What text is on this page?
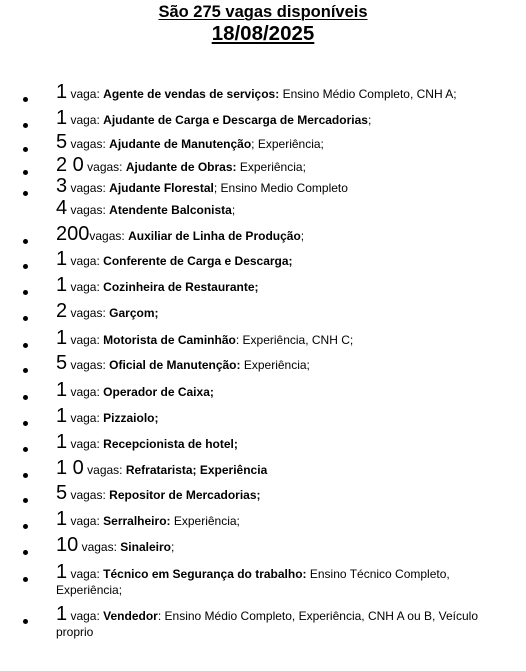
São 275 vagas disponíveis
18/08/2025
1 vaga: Agente de vendas de serviços: Ensino Médio Completo, CNH A;
1 vaga: Ajudante de Carga e Descarga de Mercadorias;
5 vagas: Ajudante de Manutenção; Experiência;
2 0 vagas: Ajudante de Obras: Experiência;
3 vagas: Ajudante Florestal; Ensino Medio Completo
4 vagas: Atendente Balconista;
200vagas: Auxiliar de Linha de Produção;
1 vaga: Conferente de Carga e Descarga;
1 vaga: Cozinheira de Restaurante;
2 vagas: Garçom;
1 vaga: Motorista de Caminhão: Experiência, CNH C;
5 vagas: Oficial de Manutenção: Experiência;
1 vaga: Operador de Caixa;
1 vaga: Pizzaiolo;
1 vaga: Recepcionista de hotel;
1 0 vagas: Refratarista; Experiência
5 vagas: Repositor de Mercadorias;
1 vaga: Serralheiro: Experiência;
10 vagas: Sinaleiro;
1 vaga: Técnico em Segurança do trabalho: Ensino Técnico Completo, Experiência;
1 vaga: Vendedor: Ensino Médio Completo, Experiência, CNH A ou B, Veículo proprio
